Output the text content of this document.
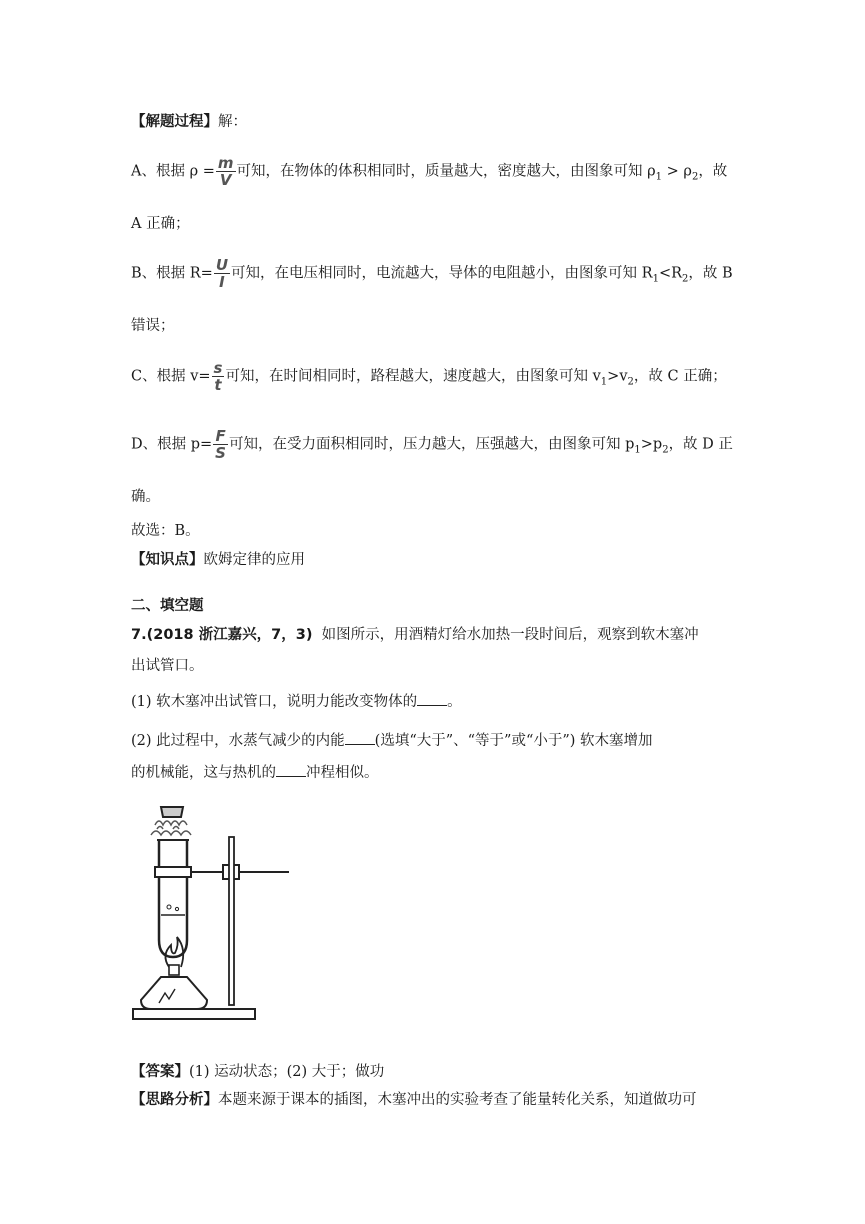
【解题过程】解：
A、根据 $\rho = \frac{m}{V}$ 可知，在物体的体积相同时，质量越大，密度越大，由图象可知 $\rho_1 > \rho_2$，故
A 正确；
B、根据 $R= \frac{U}{I}$ 可知，在电压相同时，电流越大，导体的电阻越小，由图象可知 $R_1<R_2$，故 B
错误；
C、根据 $v= \frac{s}{t}$ 可知，在时间相同时，路程越大，速度越大，由图象可知 $v_1>v_2$，故 C 正确；
D、根据 $p= \frac{F}{S}$ 可知，在受力面积相同时，压力越大，压强越大，由图象可知 $p_1>p_2$，故 D 正
确。
故选：B。
【知识点】欧姆定律的应用
二、填空题
7.(2018 浙江嘉兴，7，3) 如图所示，用酒精灯给水加热一段时间后，观察到软木塞冲
出试管口。
(1) 软木塞冲出试管口，说明力能改变物体的 。
(2) 此过程中，水蒸气减少的内能 (选填“大于”、“等于”或“小于”) 软木塞增加
的机械能，这与热机的 冲程相似。
【答案】(1) 运动状态；(2) 大于；做功
【思路分析】本题来源于课本的插图，木塞冲出的实验考查了能量转化关系，知道做功可
